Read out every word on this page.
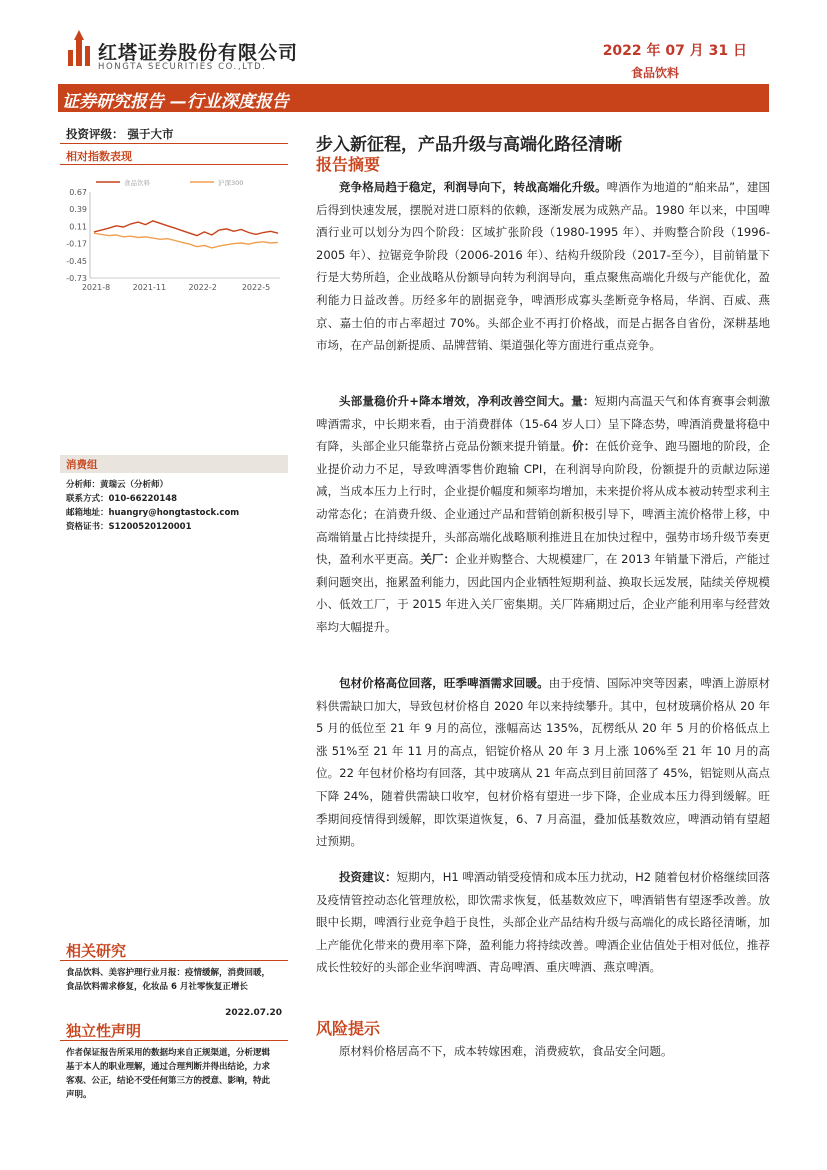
红塔证券股份有限公司
HONGTA SECURITIES CO.,LTD.
2022 年 07 月 31 日
食品饮料
证券研究报告 —行业深度报告
投资评级： 强于大市
相对指数表现
0.67
0.39
0.11
-0.17
-0.45
-0.73
2021-8	2021-11	2022-2	2022-5
食品饮料	沪深300
消费组
分析师：黄瑞云（分析师）
联系方式：010-66220148
邮箱地址：huangry@hongtastock.com
资格证书：S1200520120001
相关研究
食品饮料、美容护理行业月报：疫情缓解，消费回暖，食品饮料需求修复，化妆品 6 月社零恢复正增长
2022.07.20
独立性声明
作者保证报告所采用的数据均来自正规渠道，分析逻辑基于本人的职业理解，通过合理判断并得出结论，力求客观、公正，结论不受任何第三方的授意、影响，特此声明。
步入新征程，产品升级与高端化路径清晰
报告摘要

竞争格局趋于稳定，利润导向下，转战高端化升级。啤酒作为地道的“舶来品”，建国后得到快速发展，摆脱对进口原料的依赖，逐渐发展为成熟产品。1980 年以来，中国啤酒行业可以划分为四个阶段：区域扩张阶段（1980-1995 年）、并购整合阶段（1996-2005 年）、拉锯竞争阶段（2006-2016 年）、结构升级阶段（2017-至今），目前销量下行是大势所趋，企业战略从份额导向转为利润导向，重点聚焦高端化升级与产能优化，盈利能力日益改善。历经多年的剧据竞争，啤酒形成寡头垄断竞争格局，华润、百威、燕京、嘉士伯的市占率超过 70%。头部企业不再打价格战，而是占据各自省份，深耕基地市场，在产品创新提质、品牌营销、渠道强化等方面进行重点竞争。

头部量稳价升+降本增效，净利改善空间大。量：短期内高温天气和体育赛事会刺激啤酒需求，中长期来看，由于消费群体（15-64 岁人口）呈下降态势，啤酒消费量将稳中有降，头部企业只能靠挤占竞品份额来提升销量。价：在低价竞争、跑马圈地的阶段，企业提价动力不足，导致啤酒零售价跑输 CPI，在利润导向阶段，份额提升的贡献边际递减，当成本压力上行时，企业提价幅度和频率均增加，未来提价将从成本被动转型求利主动常态化；在消费升级、企业通过产品和营销创新积极引导下，啤酒主流价格带上移，中高端销量占比持续提升，头部高端化战略顺利推进且在加快过程中，强势市场升级节奏更快，盈利水平更高。关厂：企业并购整合、大规模建厂，在 2013 年销量下滑后，产能过剩问题突出，拖累盈利能力，因此国内企业牺牲短期利益、换取长远发展，陆续关停规模小、低效工厂，于 2015 年进入关厂密集期。关厂阵痛期过后，企业产能利用率与经营效率均大幅提升。

包材价格高位回落，旺季啤酒需求回暖。由于疫情、国际冲突等因素，啤酒上游原材料供需缺口加大，导致包材价格自 2020 年以来持续攀升。其中，包材玻璃价格从 20 年 5 月的低位至 21 年 9 月的高位，涨幅高达 135%，瓦楞纸从 20 年 5 月的价格低点上涨 51%至 21 年 11 月的高点，铝锭价格从 20 年 3 月上涨 106%至 21 年 10 月的高位。22 年包材价格均有回落，其中玻璃从 21 年高点到目前回落了 45%，铝锭则从高点下降 24%，随着供需缺口收窄，包材价格有望进一步下降，企业成本压力得到缓解。旺季期间疫情得到缓解，即饮渠道恢复，6、7 月高温，叠加低基数效应，啤酒动销有望超过预期。

投资建议：短期内，H1 啤酒动销受疫情和成本压力扰动，H2 随着包材价格继续回落及疫情管控动态化管理放松，即饮需求恢复，低基数效应下，啤酒销售有望逐季改善。放眼中长期，啤酒行业竞争趋于良性，头部企业产品结构升级与高端化的成长路径清晰，加上产能优化带来的费用率下降，盈利能力将持续改善。啤酒企业估值处于相对低位，推荐成长性较好的头部企业华润啤酒、青岛啤酒、重庆啤酒、燕京啤酒。

风险提示
原材料价格居高不下，成本转嫁困难，消费疲软，食品安全问题。
